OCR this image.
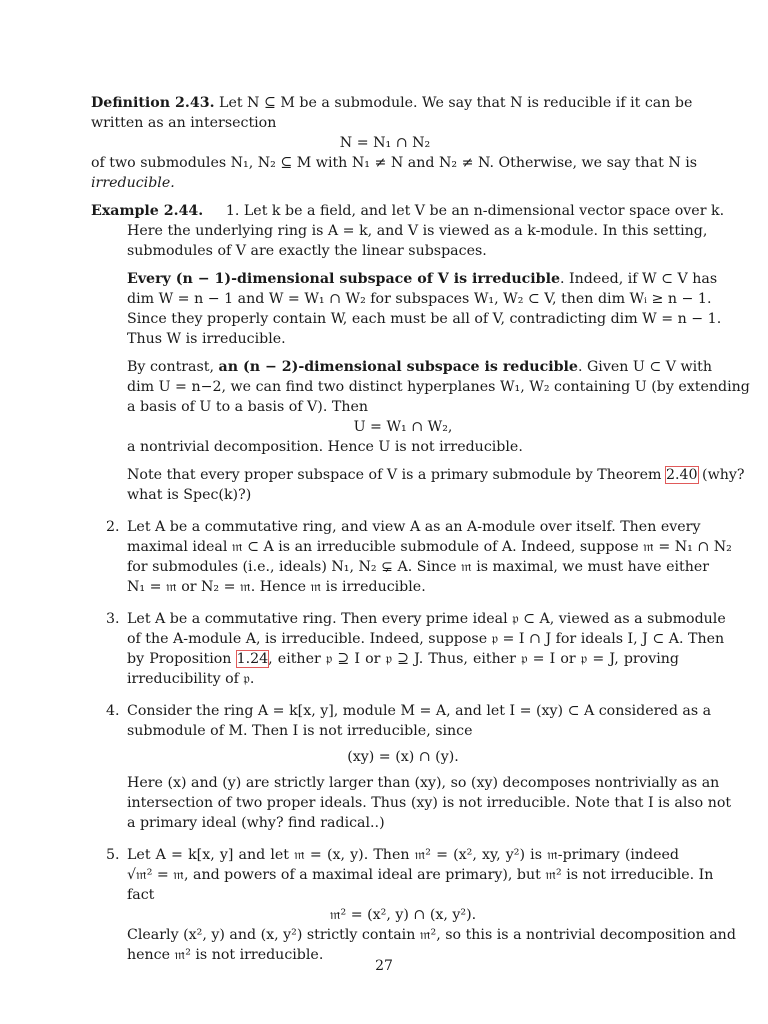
Definition 2.43. Let N ⊆ M be a submodule. We say that N is reducible if it can be
written as an intersection
N = N₁ ∩ N₂
of two submodules N₁, N₂ ⊆ M with N₁ ≠ N and N₂ ≠ N. Otherwise, we say that N is
irreducible.
Example 2.44. 1. Let k be a field, and let V be an n-dimensional vector space over k.
Here the underlying ring is A = k, and V is viewed as a k-module. In this setting,
submodules of V are exactly the linear subspaces.
Every (n − 1)-dimensional subspace of V is irreducible. Indeed, if W ⊂ V has
dim W = n − 1 and W = W₁ ∩ W₂ for subspaces W₁, W₂ ⊂ V, then dim Wᵢ ≥ n − 1.
Since they properly contain W, each must be all of V, contradicting dim W = n − 1.
Thus W is irreducible.
By contrast, an (n − 2)-dimensional subspace is reducible. Given U ⊂ V with
dim U = n−2, we can find two distinct hyperplanes W₁, W₂ containing U (by extending
a basis of U to a basis of V). Then
U = W₁ ∩ W₂,
a nontrivial decomposition. Hence U is not irreducible.
Note that every proper subspace of V is a primary submodule by Theorem 2.40 (why?
what is Spec(k)?)
2. Let A be a commutative ring, and view A as an A-module over itself. Then every
maximal ideal 𝔪 ⊂ A is an irreducible submodule of A. Indeed, suppose 𝔪 = N₁ ∩ N₂
for submodules (i.e., ideals) N₁, N₂ ⊊ A. Since 𝔪 is maximal, we must have either
N₁ = 𝔪 or N₂ = 𝔪. Hence 𝔪 is irreducible.
3. Let A be a commutative ring. Then every prime ideal 𝔭 ⊂ A, viewed as a submodule
of the A-module A, is irreducible. Indeed, suppose 𝔭 = I ∩ J for ideals I, J ⊂ A. Then
by Proposition 1.24, either 𝔭 ⊇ I or 𝔭 ⊇ J. Thus, either 𝔭 = I or 𝔭 = J, proving
irreducibility of 𝔭.
4. Consider the ring A = k[x, y], module M = A, and let I = (xy) ⊂ A considered as a
submodule of M. Then I is not irreducible, since
(xy) = (x) ∩ (y).
Here (x) and (y) are strictly larger than (xy), so (xy) decomposes nontrivially as an
intersection of two proper ideals. Thus (xy) is not irreducible. Note that I is also not
a primary ideal (why? find radical..)
5. Let A = k[x, y] and let 𝔪 = (x, y). Then 𝔪² = (x², xy, y²) is 𝔪-primary (indeed
√𝔪² = 𝔪, and powers of a maximal ideal are primary), but 𝔪² is not irreducible. In
fact
𝔪² = (x², y) ∩ (x, y²).
Clearly (x², y) and (x, y²) strictly contain 𝔪², so this is a nontrivial decomposition and
hence 𝔪² is not irreducible.
27
